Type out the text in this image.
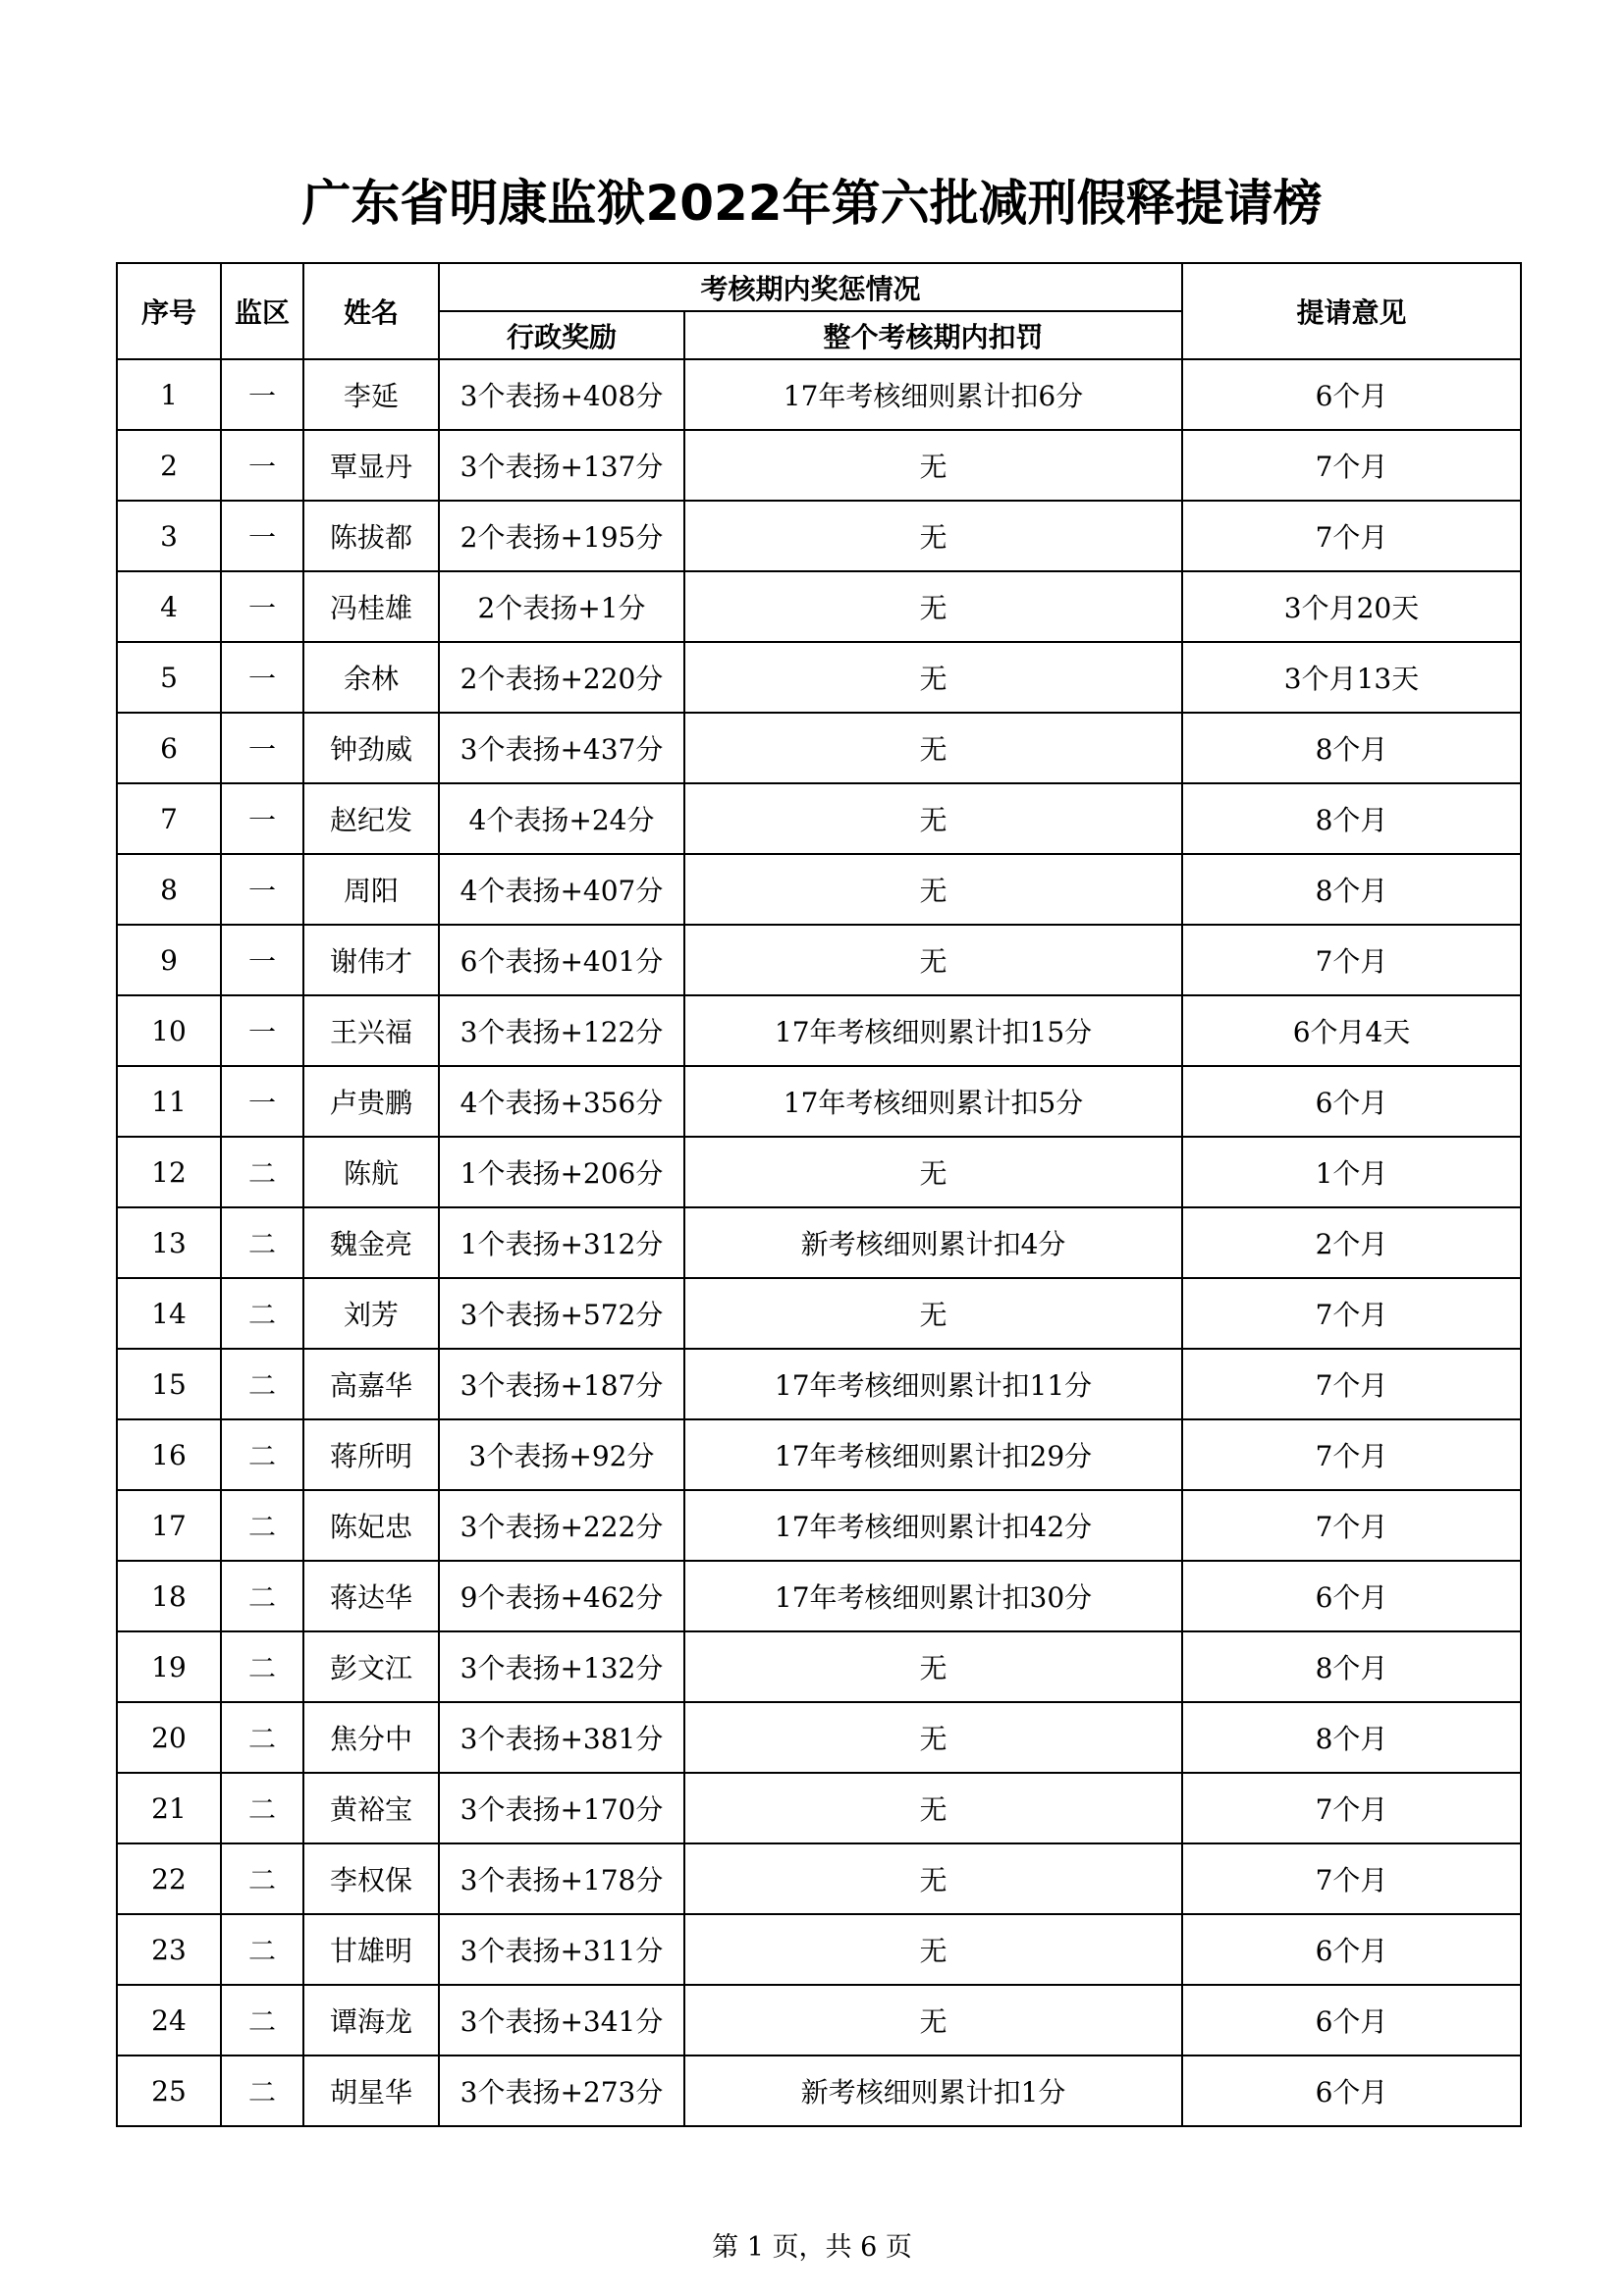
广东省明康监狱2022年第六批减刑假释提请榜
序号	监区	姓名	考核期内奖惩情况		提请意见
			行政奖励	整个考核期内扣罚	
1	一	李延	3个表扬+408分	17年考核细则累计扣6分	6个月
2	一	覃显丹	3个表扬+137分	无	7个月
3	一	陈拔都	2个表扬+195分	无	7个月
4	一	冯桂雄	2个表扬+1分	无	3个月20天
5	一	余林	2个表扬+220分	无	3个月13天
6	一	钟劲威	3个表扬+437分	无	8个月
7	一	赵纪发	4个表扬+24分	无	8个月
8	一	周阳	4个表扬+407分	无	8个月
9	一	谢伟才	6个表扬+401分	无	7个月
10	一	王兴福	3个表扬+122分	17年考核细则累计扣15分	6个月4天
11	一	卢贵鹏	4个表扬+356分	17年考核细则累计扣5分	6个月
12	二	陈航	1个表扬+206分	无	1个月
13	二	魏金亮	1个表扬+312分	新考核细则累计扣4分	2个月
14	二	刘芳	3个表扬+572分	无	7个月
15	二	高嘉华	3个表扬+187分	17年考核细则累计扣11分	7个月
16	二	蒋所明	3个表扬+92分	17年考核细则累计扣29分	7个月
17	二	陈妃忠	3个表扬+222分	17年考核细则累计扣42分	7个月
18	二	蒋达华	9个表扬+462分	17年考核细则累计扣30分	6个月
19	二	彭文江	3个表扬+132分	无	8个月
20	二	焦分中	3个表扬+381分	无	8个月
21	二	黄裕宝	3个表扬+170分	无	7个月
22	二	李权保	3个表扬+178分	无	7个月
23	二	甘雄明	3个表扬+311分	无	6个月
24	二	谭海龙	3个表扬+341分	无	6个月
25	二	胡星华	3个表扬+273分	新考核细则累计扣1分	6个月
第 1 页，共 6 页
